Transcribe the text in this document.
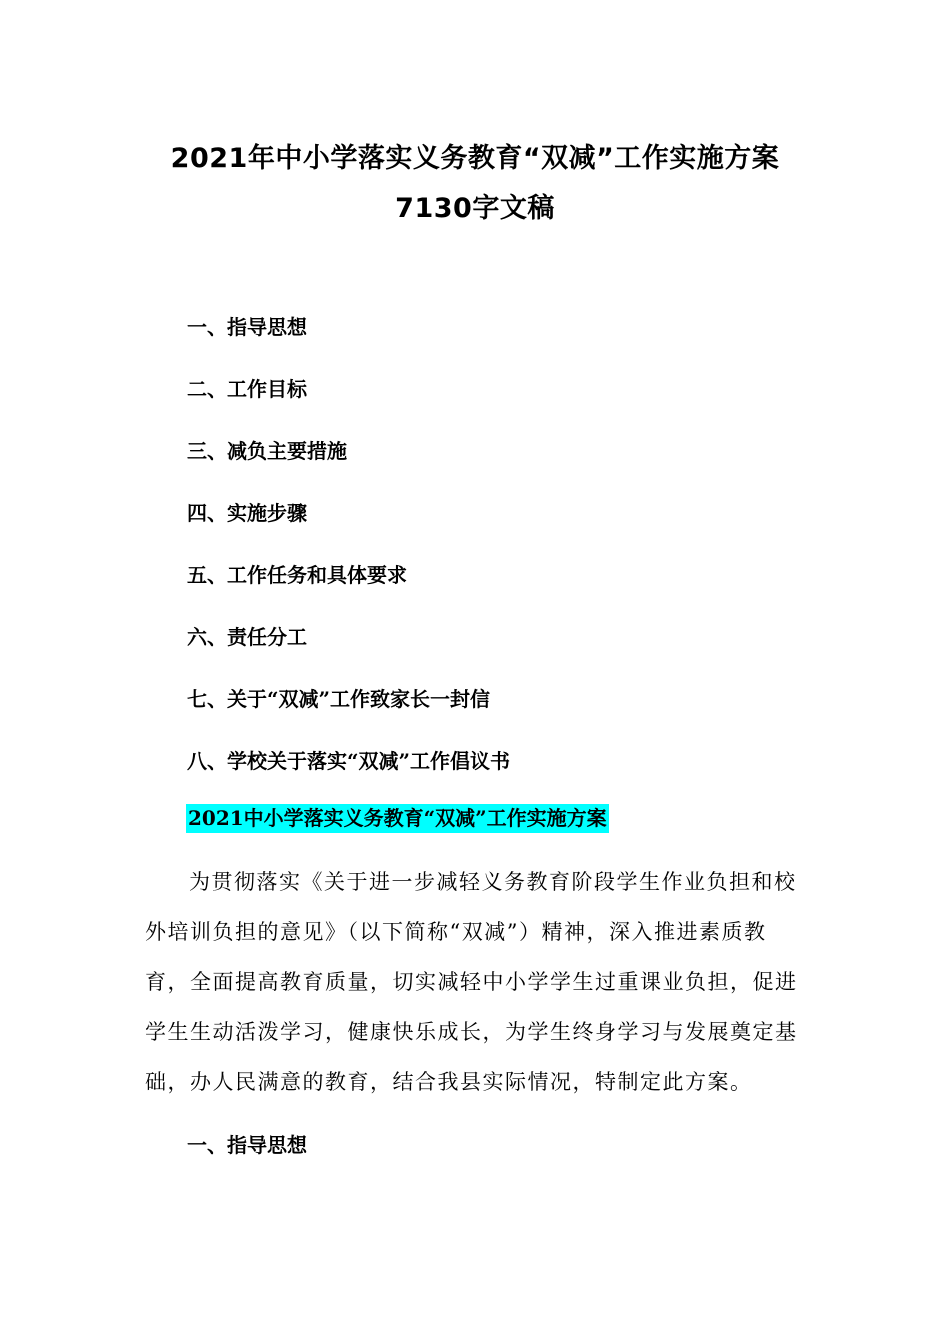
2021年中小学落实义务教育“双减”工作实施方案
7130字文稿
一、指导思想
二、工作目标
三、减负主要措施
四、实施步骤
五、工作任务和具体要求
六、责任分工
七、关于“双减”工作致家长一封信
八、学校关于落实“双减”工作倡议书
2021中小学落实义务教育“双减”工作实施方案
为贯彻落实《关于进一步减轻义务教育阶段学生作业负担和校
外培训负担的意见》（以下简称“双减”）精神，深入推进素质教
育，全面提高教育质量，切实减轻中小学学生过重课业负担，促进
学生生动活泼学习，健康快乐成长，为学生终身学习与发展奠定基
础，办人民满意的教育，结合我县实际情况，特制定此方案。
一、指导思想
